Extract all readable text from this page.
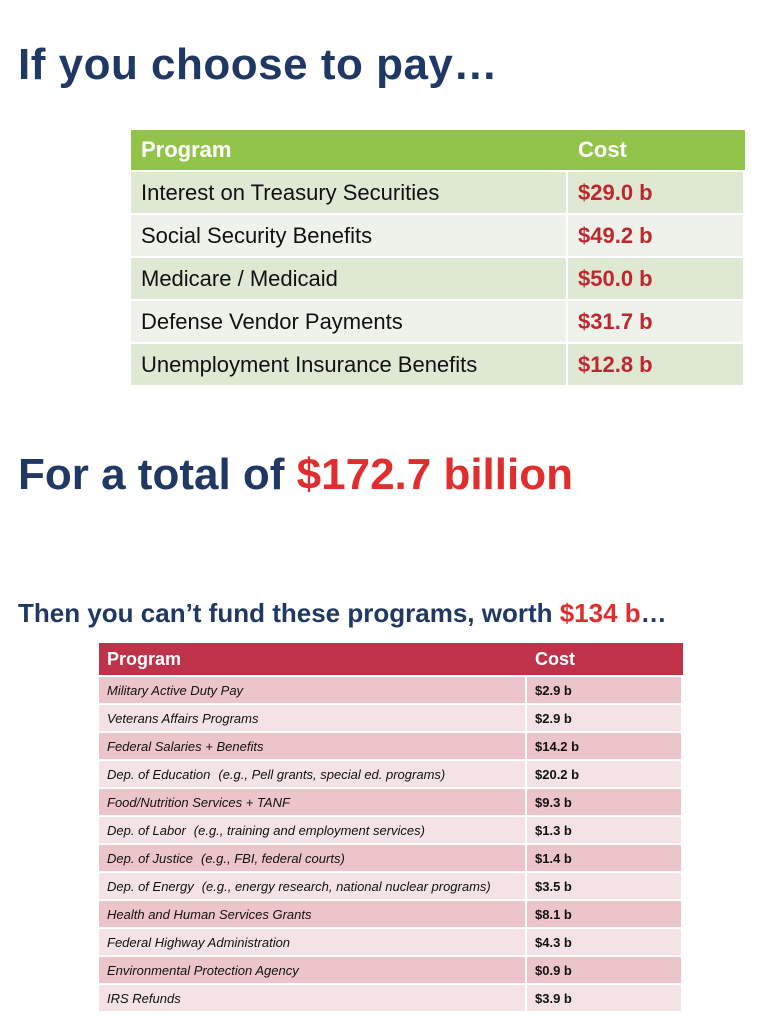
If you choose to pay…
Program	Cost
Interest on Treasury Securities	$29.0 b
Social Security Benefits	$49.2 b
Medicare / Medicaid	$50.0 b
Defense Vendor Payments	$31.7 b
Unemployment Insurance Benefits	$12.8 b
For a total of $172.7 billion
Then you can’t fund these programs, worth $134 b…
Program	Cost
Military Active Duty Pay	$2.9 b
Veterans Affairs Programs	$2.9 b
Federal Salaries + Benefits	$14.2 b
Dep. of Education (e.g., Pell grants, special ed. programs)	$20.2 b
Food/Nutrition Services + TANF	$9.3 b
Dep. of Labor (e.g., training and employment services)	$1.3 b
Dep. of Justice (e.g., FBI, federal courts)	$1.4 b
Dep. of Energy (e.g., energy research, national nuclear programs)	$3.5 b
Health and Human Services Grants	$8.1 b
Federal Highway Administration	$4.3 b
Environmental Protection Agency	$0.9 b
IRS Refunds	$3.9 b
